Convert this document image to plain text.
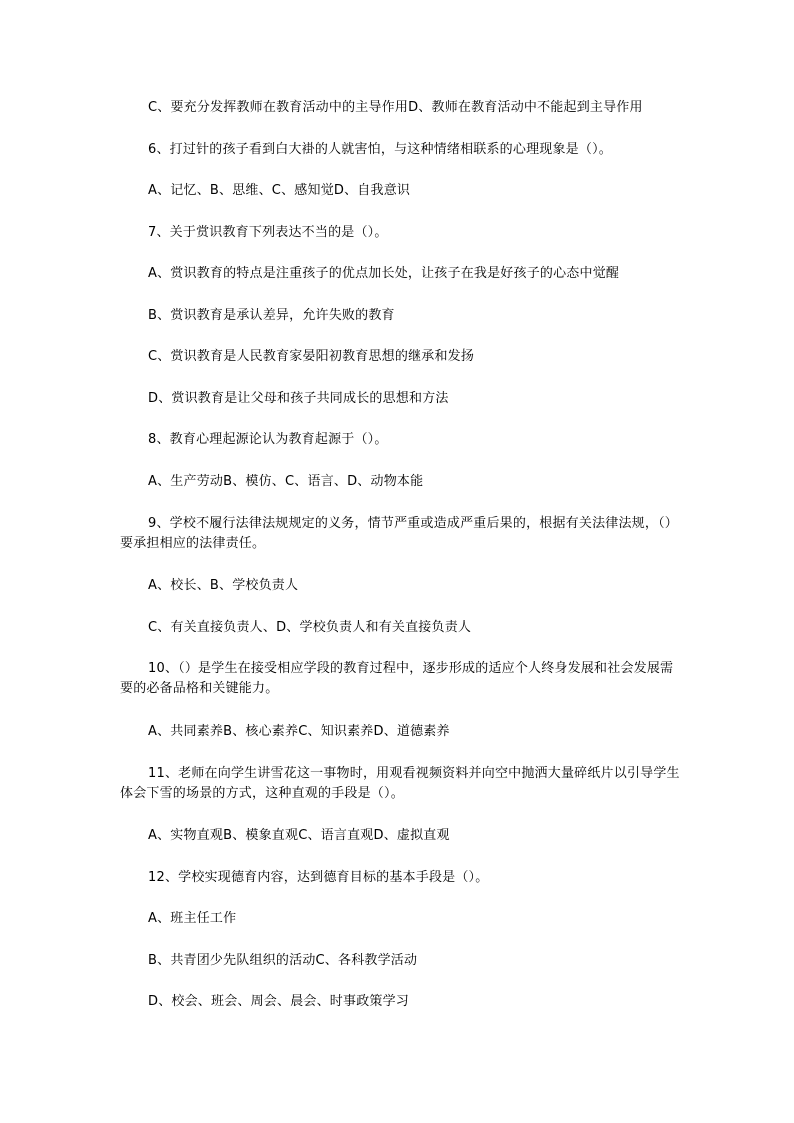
C、要充分发挥教师在教育活动中的主导作用D、教师在教育活动中不能起到主导作用
6、打过针的孩子看到白大褂的人就害怕，与这种情绪相联系的心理现象是（）。
A、记忆、B、思维、C、感知觉D、自我意识
7、关于赏识教育下列表达不当的是（）。
A、赏识教育的特点是注重孩子的优点加长处，让孩子在我是好孩子的心态中觉醒
B、赏识教育是承认差异，允许失败的教育
C、赏识教育是人民教育家晏阳初教育思想的继承和发扬
D、赏识教育是让父母和孩子共同成长的思想和方法
8、教育心理起源论认为教育起源于（）。
A、生产劳动B、模仿、C、语言、D、动物本能
9、学校不履行法律法规规定的义务，情节严重或造成严重后果的，根据有关法律法规，（）要承担相应的法律责任。
A、校长、B、学校负责人
C、有关直接负责人、D、学校负责人和有关直接负责人
10、（）是学生在接受相应学段的教育过程中，逐步形成的适应个人终身发展和社会发展需要的必备品格和关键能力。
A、共同素养B、核心素养C、知识素养D、道德素养
11、老师在向学生讲雪花这一事物时，用观看视频资料并向空中抛洒大量碎纸片以引导学生体会下雪的场景的方式，这种直观的手段是（）。
A、实物直观B、模象直观C、语言直观D、虚拟直观
12、学校实现德育内容，达到德育目标的基本手段是（）。
A、班主任工作
B、共青团少先队组织的活动C、各科教学活动
D、校会、班会、周会、晨会、时事政策学习
